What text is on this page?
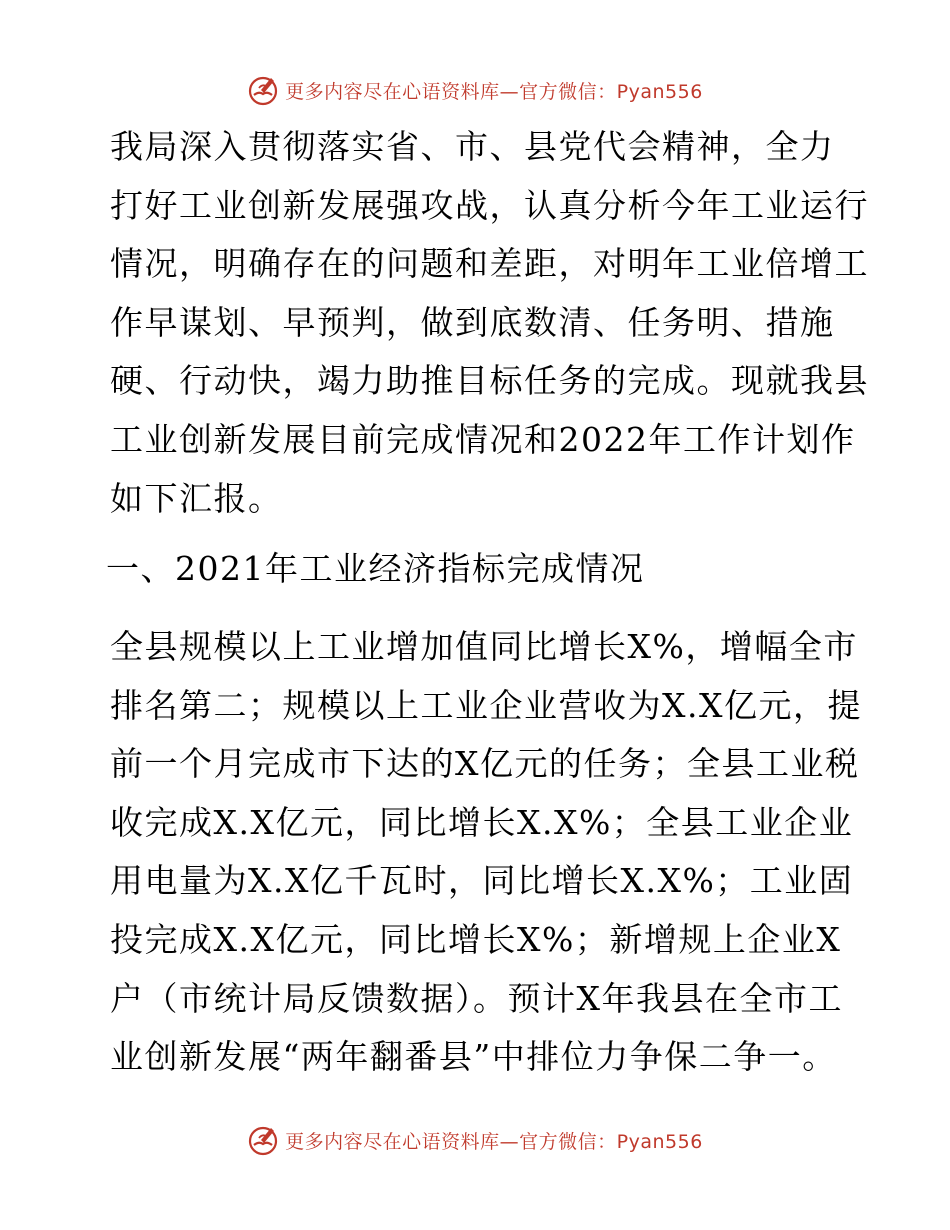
更多内容尽在心语资料库—官方微信：Pyan556

我局深入贯彻落实省、市、县党代会精神，全力
打好工业创新发展强攻战，认真分析今年工业运行
情况，明确存在的问题和差距，对明年工业倍增工
作早谋划、早预判，做到底数清、任务明、措施
硬、行动快，竭力助推目标任务的完成。现就我县
工业创新发展目前完成情况和2022年工作计划作
如下汇报。

一、2021年工业经济指标完成情况

全县规模以上工业增加值同比增长X%，增幅全市
排名第二；规模以上工业企业营收为X.X亿元，提
前一个月完成市下达的X亿元的任务；全县工业税
收完成X.X亿元，同比增长X.X%；全县工业企业
用电量为X.X亿千瓦时，同比增长X.X%；工业固
投完成X.X亿元，同比增长X%；新增规上企业X
户（市统计局反馈数据）。预计X年我县在全市工
业创新发展“两年翻番县”中排位力争保二争一。

更多内容尽在心语资料库—官方微信：Pyan556
